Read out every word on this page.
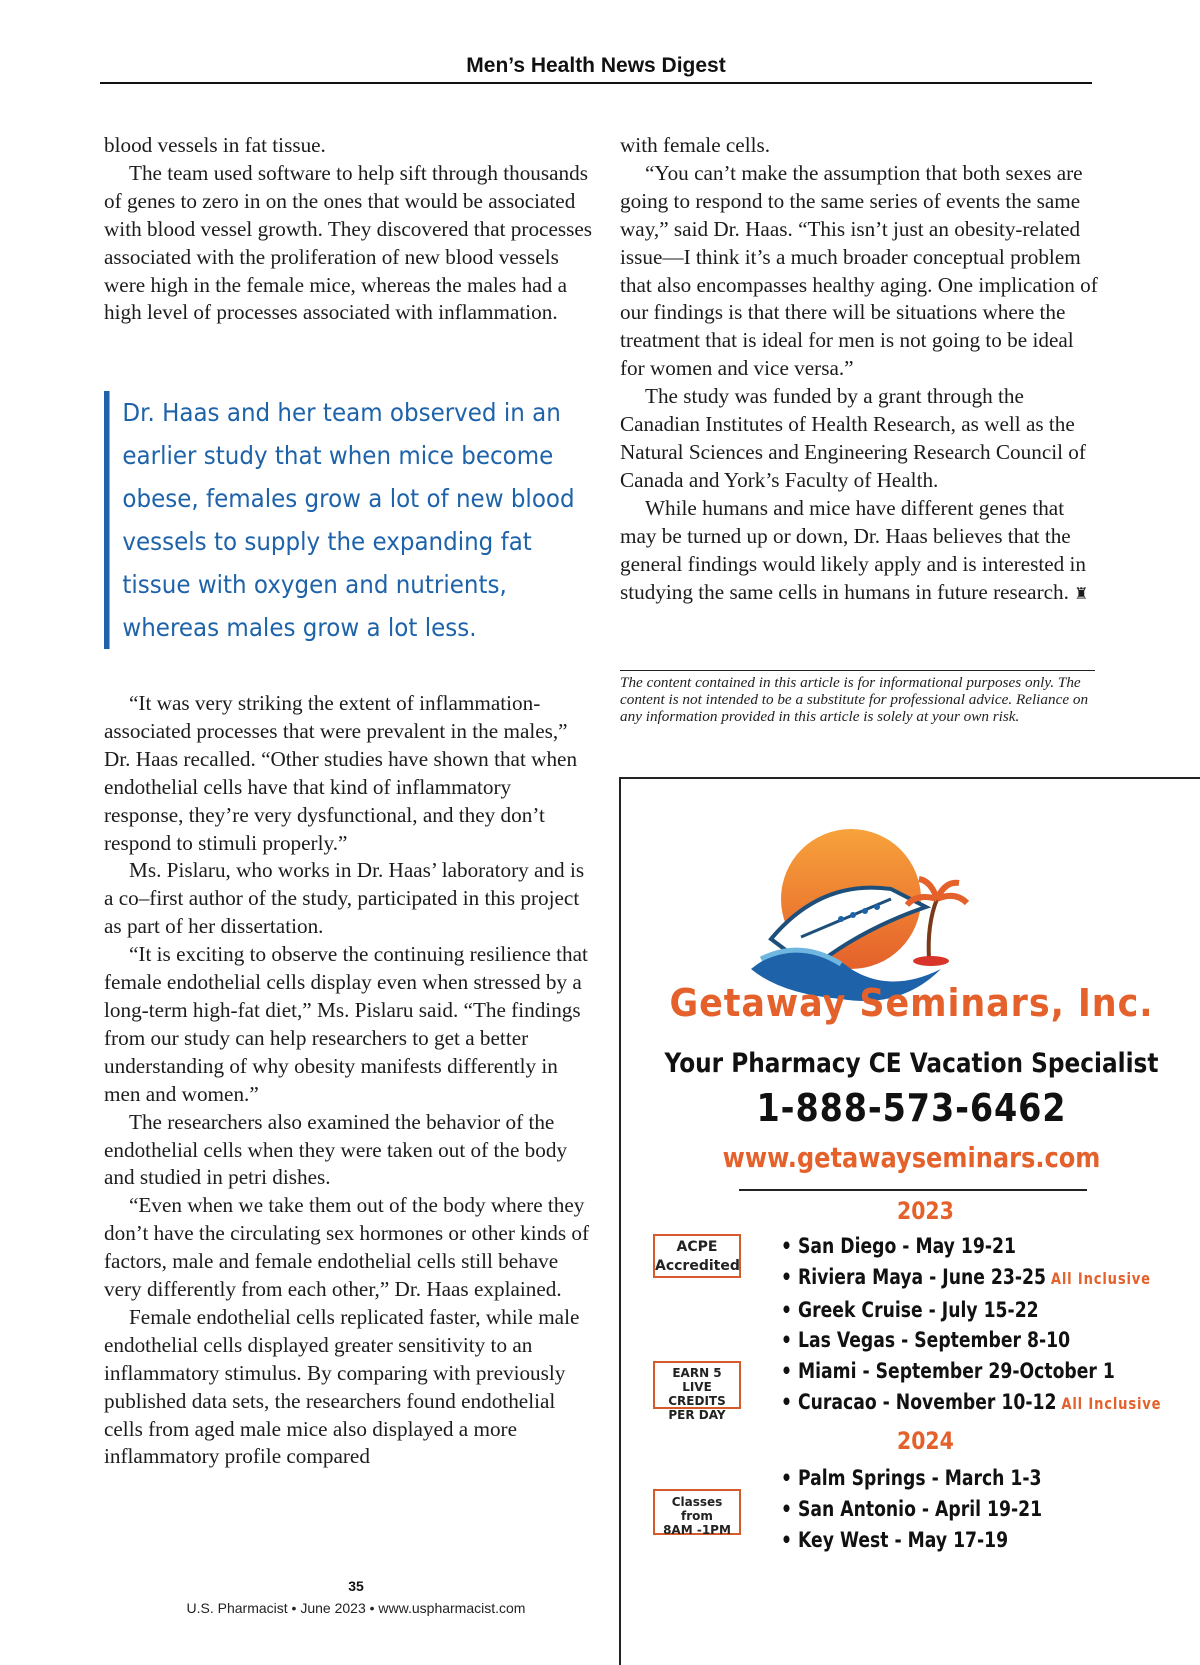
Men’s Health News Digest

blood vessels in fat tissue.

The team used software to help sift through thousands of genes to zero in on the ones that would be associated with blood vessel growth. They discovered that processes associated with the proliferation of new blood vessels were high in the female mice, whereas the males had a high level of processes associated with inflammation.

Dr. Haas and her team observed in an
earlier study that when mice become
obese, females grow a lot of new blood
vessels to supply the expanding fat
tissue with oxygen and nutrients,
whereas males grow a lot less.

“It was very striking the extent of inflammation-associated processes that were prevalent in the males,” Dr. Haas recalled. “Other studies have shown that when endothelial cells have that kind of inflammatory response, they’re very dysfunctional, and they don’t respond to stimuli properly.”

Ms. Pislaru, who works in Dr. Haas’ laboratory and is a co–first author of the study, participated in this project as part of her dissertation.

“It is exciting to observe the continuing resilience that female endothelial cells display even when stressed by a long-term high-fat diet,” Ms. Pislaru said. “The findings from our study can help researchers to get a better understanding of why obesity manifests differently in men and women.”

The researchers also examined the behavior of the endothelial cells when they were taken out of the body and studied in petri dishes.

“Even when we take them out of the body where they don’t have the circulating sex hormones or other kinds of factors, male and female endothelial cells still behave very differently from each other,” Dr. Haas explained.

Female endothelial cells replicated faster, while male endothelial cells displayed greater sensitivity to an inflammatory stimulus. By comparing with previously published data sets, the researchers found endothelial cells from aged male mice also displayed a more inflammatory profile compared

with female cells.

“You can’t make the assumption that both sexes are going to respond to the same series of events the same way,” said Dr. Haas. “This isn’t just an obesity-related issue—I think it’s a much broader conceptual problem that also encompasses healthy aging. One implication of our findings is that there will be situations where the treatment that is ideal for men is not going to be ideal for women and vice versa.”

The study was funded by a grant through the Canadian Institutes of Health Research, as well as the Natural Sciences and Engineering Research Council of Canada and York’s Faculty of Health.

While humans and mice have different genes that may be turned up or down, Dr. Haas believes that the general findings would likely apply and is interested in studying the same cells in humans in future research. ♜

The content contained in this article is for informational purposes only. The content is not intended to be a substitute for professional advice. Reliance on any information provided in this article is solely at your own risk.
35
U.S. Pharmacist • June 2023 • www.uspharmacist.com
Getaway Seminars, Inc.
Your Pharmacy CE Vacation Specialist
1-888-573-6462
www.getawayseminars.com
2023
• San Diego - May 19-21
• Riviera Maya - June 23-25 All Inclusive
• Greek Cruise - July 15-22
• Las Vegas - September 8-10
• Miami - September 29-October 1
• Curacao - November 10-12 All Inclusive
2024
• Palm Springs - March 1-3
• San Antonio - April 19-21
• Key West - May 17-19
ACPE
Accredited
EARN 5
LIVE CREDITS
PER DAY
Classes from
8AM -1PM
